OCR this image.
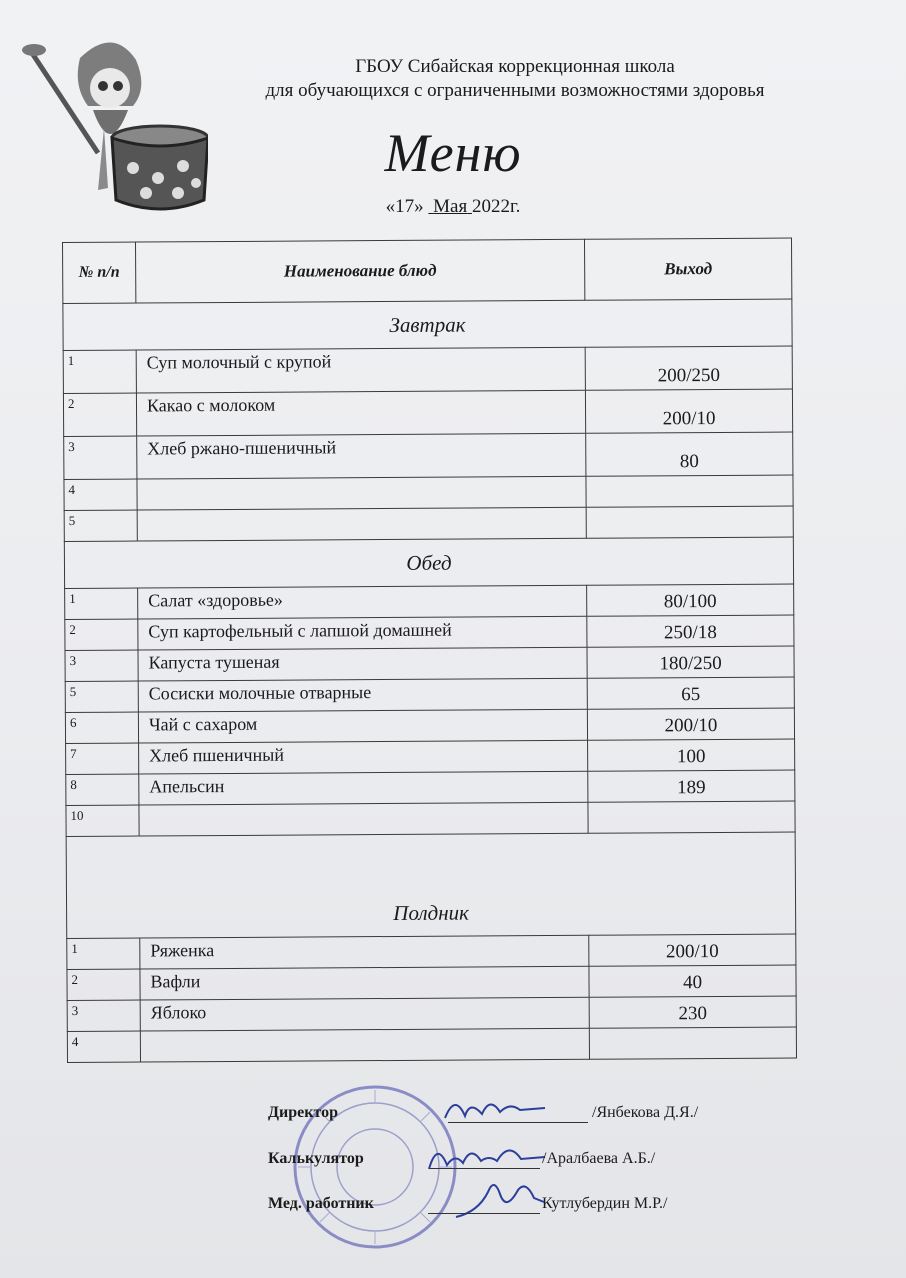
ГБОУ Сибайская коррекционная школа
для обучающихся с ограниченными возможностями здоровья
Меню
«17» Мая 2022г.
№ п/п	Наименование блюд	Выход
Завтрак		
1	Суп молочный с крупой	200/250
2	Какао с молоком	200/10
3	Хлеб ржано-пшеничный	80
4		
5		
Обед		
1	Салат «здоровье»	80/100
2	Суп картофельный с лапшой домашней	250/18
3	Капуста тушеная	180/250
5	Сосиски молочные отварные	65
6	Чай с сахаром	200/10
7	Хлеб пшеничный	100
8	Апельсин	189
10		
Полдник		
1	Ряженка	200/10
2	Вафли	40
3	Яблоко	230
4		
Директор	/Янбекова Д.Я./
Калькулятор	/Аралбаева А.Б./
Мед. работник	Кутлубердин М.Р./
